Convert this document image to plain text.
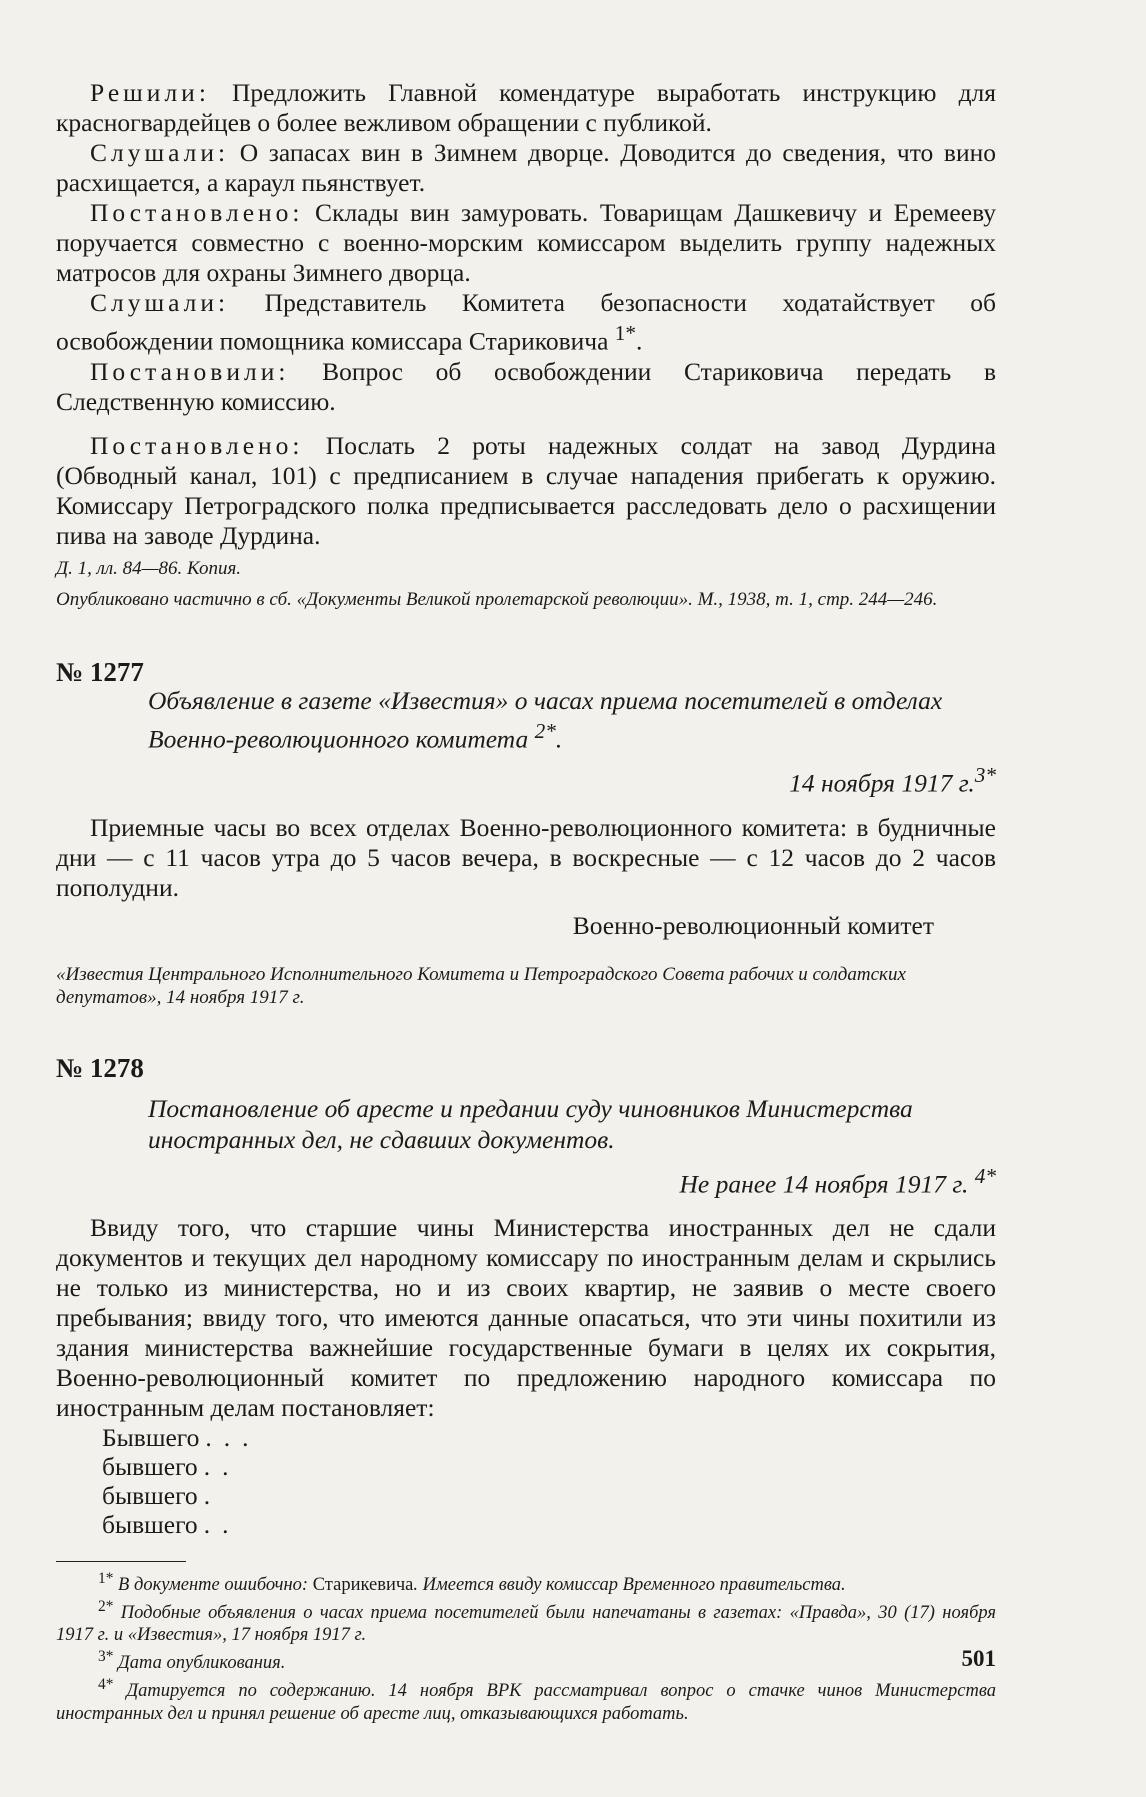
Решили: Предложить Главной комендатуре выработать инструкцию для красногвардейцев о более вежливом обращении с публикой.

Слушали: О запасах вин в Зимнем дворце. Доводится до сведения, что вино расхищается, а караул пьянствует.

Постановлено: Склады вин замуровать. Товарищам Дашкевичу и Еремееву поручается совместно с военно-морским комиссаром выделить группу надежных матросов для охраны Зимнего дворца.

Слушали: Представитель Комитета безопасности ходатайствует об освобождении помощника комиссара Стариковича $^{1*}$.

Постановили: Вопрос об освобождении Стариковича передать в Следственную комиссию.

Постановлено: Послать 2 роты надежных солдат на завод Дурдина (Обводный канал, 101) с предписанием в случае нападения прибегать к оружию. Комиссару Петроградского полка предписывается расследовать дело о расхищении пива на заводе Дурдина.

Д. 1, лл. 84—86. Копия.

Опубликовано частично в сб. «Документы Великой пролетарской революции». М., 1938, т. 1, стр. 244—246.

№ 1277

Объявление в газете «Известия» о часах приема посетителей в отделах Военно-революционного комитета $^{2*}$.

14 ноября 1917 г.$^{3*}$

Приемные часы во всех отделах Военно-революционного комитета: в будничные дни — с 11 часов утра до 5 часов вечера, в воскресные — с 12 часов до 2 часов пополудни.

Военно-революционный комитет

«Известия Центрального Исполнительного Комитета и Петроградского Совета рабочих и солдатских депутатов», 14 ноября 1917 г.

№ 1278

Постановление об аресте и предании суду чиновников Министерства иностранных дел, не сдавших документов.

Не ранее 14 ноября 1917 г. $^{4*}$

Ввиду того, что старшие чины Министерства иностранных дел не сдали документов и текущих дел народному комиссару по иностранным делам и скрылись не только из министерства, но и из своих квартир, не заявив о месте своего пребывания; ввиду того, что имеются данные опасаться, что эти чины похитили из здания министерства важнейшие государственные бумаги в целях их сокрытия, Военно-революционный комитет по предложению народного комиссара по иностранным делам постановляет:

Бывшего ...

бывшего ..

бывшего .

бывшего ..

$^{1*}$ В документе ошибочно: Старикевича. Имеется ввиду комиссар Временного правительства.

$^{2*}$ Подобные объявления о часах приема посетителей были напечатаны в газетах: «Правда», 30 (17) ноября 1917 г. и «Известия», 17 ноября 1917 г.

$^{3*}$ Дата опубликования.

$^{4*}$ Датируется по содержанию. 14 ноября ВРК рассматривал вопрос о стачке чинов Министерства иностранных дел и принял решение об аресте лиц, отказывающихся работать.

501
